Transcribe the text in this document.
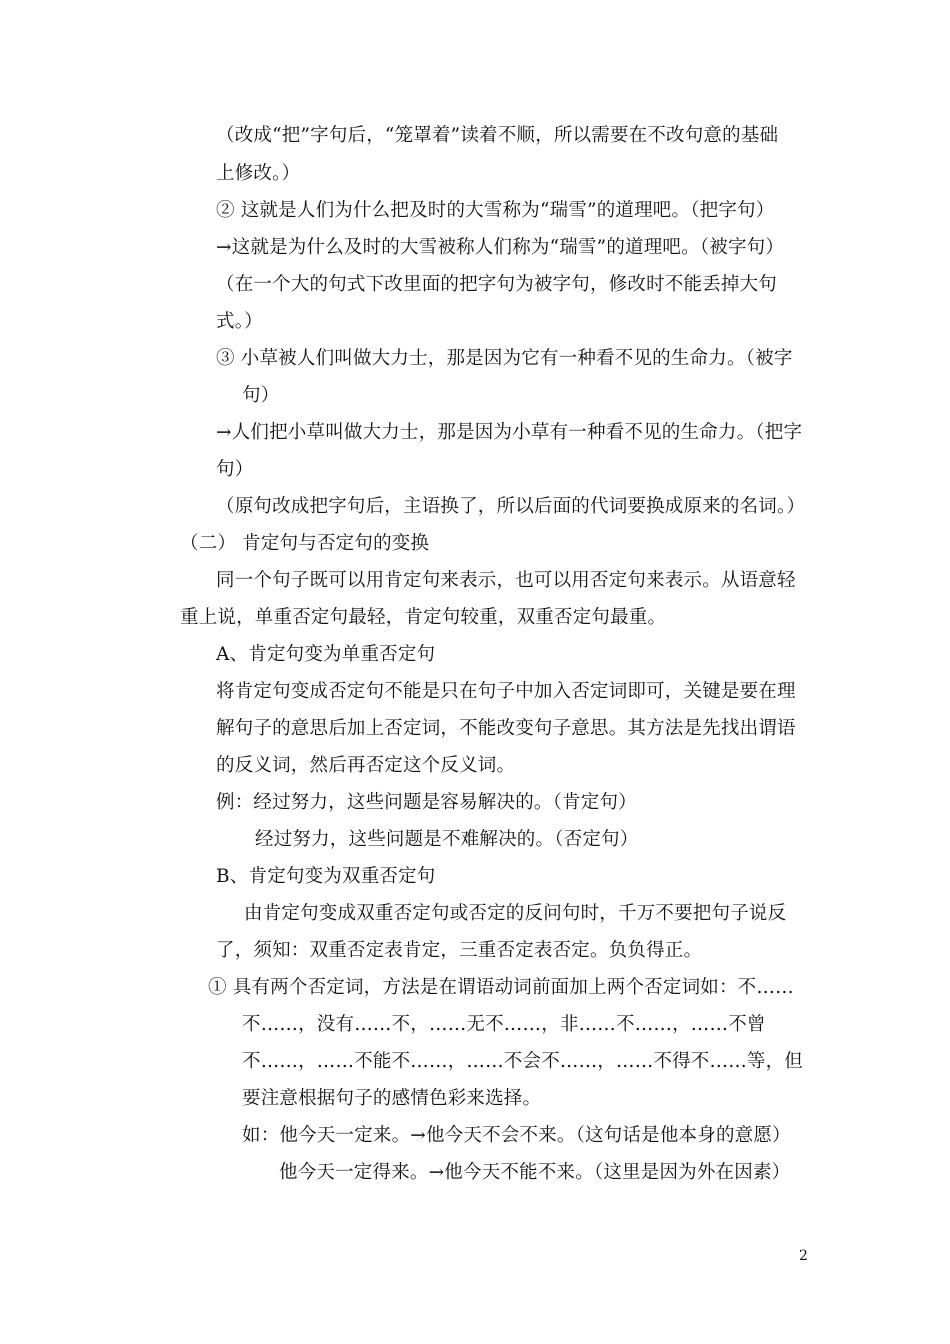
（改成“把”字句后，“笼罩着”读着不顺，所以需要在不改句意的基础
上修改。）
② 这就是人们为什么把及时的大雪称为“瑞雪”的道理吧。（把字句）
→这就是为什么及时的大雪被称人们称为“瑞雪”的道理吧。（被字句）
（在一个大的句式下改里面的把字句为被字句，修改时不能丢掉大句
式。）
③ 小草被人们叫做大力士，那是因为它有一种看不见的生命力。（被字
句）
→人们把小草叫做大力士，那是因为小草有一种看不见的生命力。（把字
句）
（原句改成把字句后，主语换了，所以后面的代词要换成原来的名词。）
（二） 肯定句与否定句的变换
同一个句子既可以用肯定句来表示，也可以用否定句来表示。从语意轻
重上说，单重否定句最轻，肯定句较重，双重否定句最重。
A、肯定句变为单重否定句
将肯定句变成否定句不能是只在句子中加入否定词即可，关键是要在理
解句子的意思后加上否定词，不能改变句子意思。其方法是先找出谓语
的反义词，然后再否定这个反义词。
例：经过努力，这些问题是容易解决的。（肯定句）
经过努力，这些问题是不难解决的。（否定句）
B、肯定句变为双重否定句
由肯定句变成双重否定句或否定的反问句时，千万不要把句子说反
了，须知：双重否定表肯定，三重否定表否定。负负得正。
① 具有两个否定词，方法是在谓语动词前面加上两个否定词如：不……
不……，没有……不，……无不……，非……不……，……不曾
不……，……不能不……，……不会不……，……不得不……等，但
要注意根据句子的感情色彩来选择。
如：他今天一定来。→他今天不会不来。（这句话是他本身的意愿）
他今天一定得来。→他今天不能不来。（这里是因为外在因素）
2
